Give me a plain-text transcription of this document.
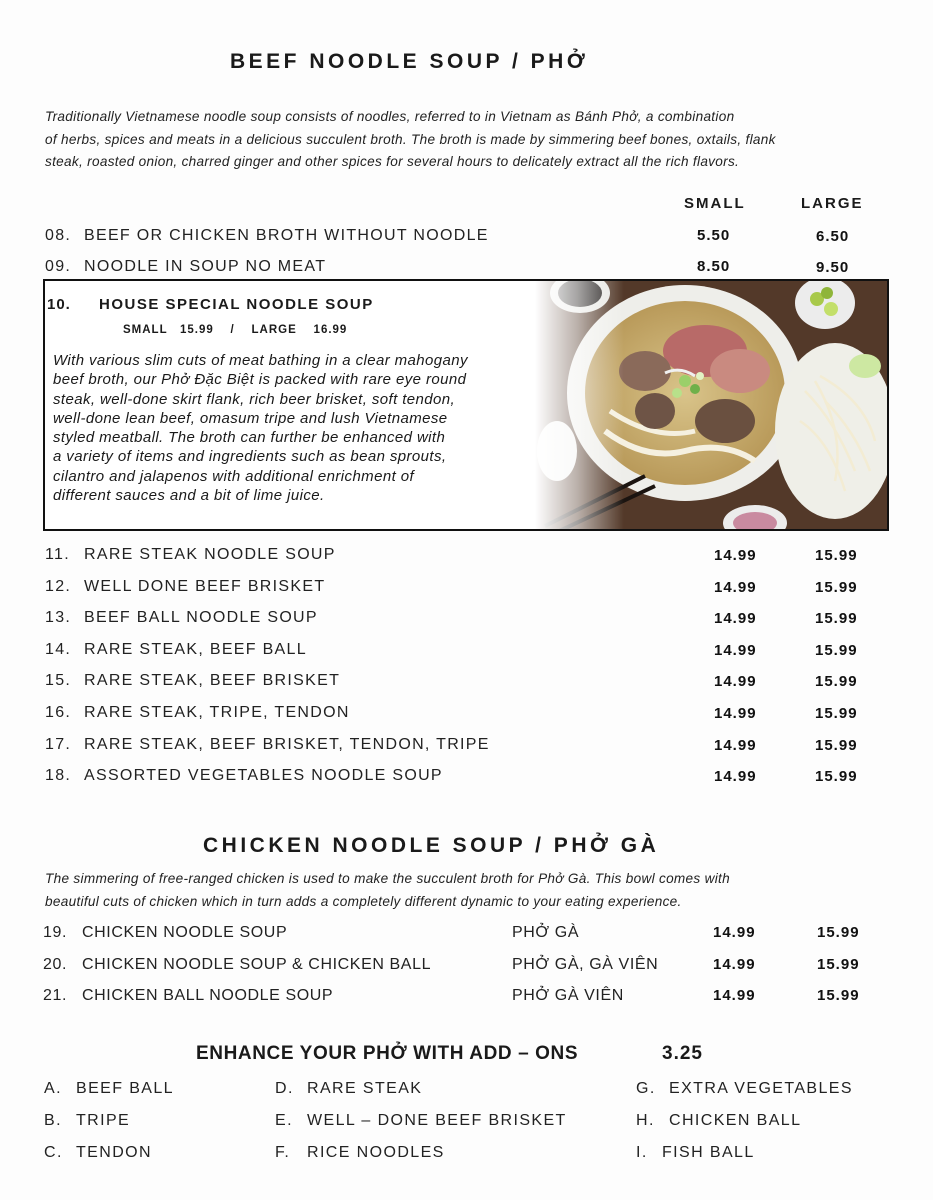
BEEF NOODLE SOUP / PHỞ
Traditionally Vietnamese noodle soup consists of noodles, referred to in Vietnam as Bánh Phở, a combination
of herbs, spices and meats in a delicious succulent broth. The broth is made by simmering beef bones, oxtails, flank
steak, roasted onion, charred ginger and other spices for several hours to delicately extract all the rich flavors.
SMALL	LARGE
08. BEEF OR CHICKEN BROTH WITHOUT NOODLE	5.50	6.50
09. NOODLE IN SOUP NO MEAT	8.50	9.50
10. HOUSE SPECIAL NOODLE SOUP
SMALL   15.99    /    LARGE    16.99
With various slim cuts of meat bathing in a clear mahogany
beef broth, our Phở Đặc Biệt is packed with rare eye round
steak, well-done skirt flank, rich beer brisket, soft tendon,
well-done lean beef, omasum tripe and lush Vietnamese
styled meatball. The broth can further be enhanced with
a variety of items and ingredients such as bean sprouts,
cilantro and jalapenos with additional enrichment of
different sauces and a bit of lime juice.
11. RARE STEAK NOODLE SOUP	14.99	15.99
12. WELL DONE BEEF BRISKET	14.99	15.99
13. BEEF BALL NOODLE SOUP	14.99	15.99
14. RARE STEAK, BEEF BALL	14.99	15.99
15. RARE STEAK, BEEF BRISKET	14.99	15.99
16. RARE STEAK, TRIPE, TENDON	14.99	15.99
17. RARE STEAK, BEEF BRISKET, TENDON, TRIPE	14.99	15.99
18. ASSORTED VEGETABLES NOODLE SOUP	14.99	15.99
CHICKEN NOODLE SOUP / PHỞ GÀ
The simmering of free-ranged chicken is used to make the succulent broth for Phở Gà. This bowl comes with
beautiful cuts of chicken which in turn adds a completely different dynamic to your eating experience.
19. CHICKEN NOODLE SOUP	PHỞ GÀ	14.99	15.99
20. CHICKEN NOODLE SOUP & CHICKEN BALL	PHỞ GÀ, GÀ VIÊN	14.99	15.99
21. CHICKEN BALL NOODLE SOUP	PHỞ GÀ VIÊN	14.99	15.99
ENHANCE YOUR PHỞ WITH ADD – ONS	3.25
A. BEEF BALL
B. TRIPE
C. TENDON
D. RARE STEAK
E. WELL – DONE BEEF BRISKET
F. RICE NOODLES
G. EXTRA VEGETABLES
H. CHICKEN BALL
I. FISH BALL
